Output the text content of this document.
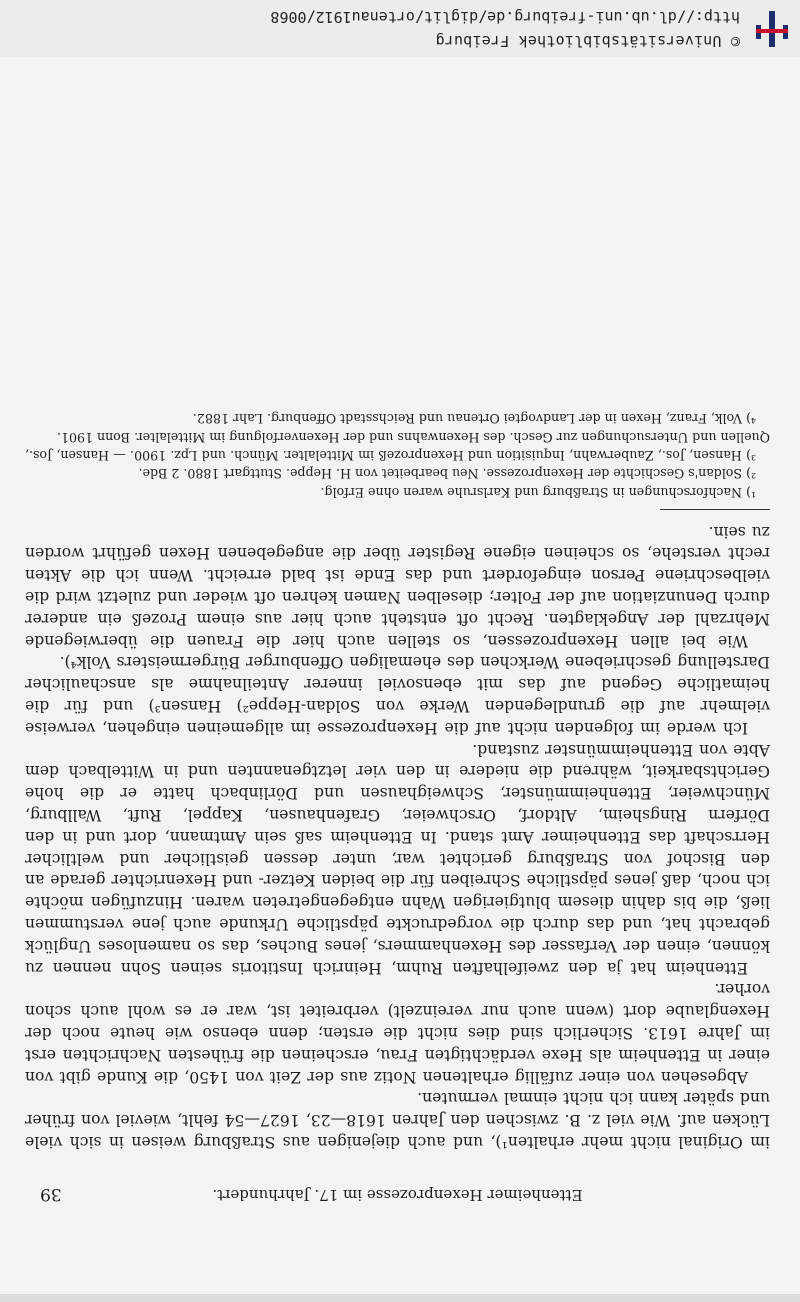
Ettenheimer Hexenprozesse im 17. Jahrhundert.
39

im Original nicht mehr erhalten¹), und auch diejenigen aus Straßburg weisen in sich viele Lücken auf. Wie viel z. B. zwischen den Jahren 1618—23, 1627—54 fehlt, wieviel von früher und später kann ich nicht einmal vermuten.

Abgesehen von einer zufällig erhaltenen Notiz aus der Zeit von 1450, die Kunde gibt von einer in Ettenheim als Hexe verdächtigten Frau, erscheinen die frühesten Nachrichten erst im Jahre 1613. Sicherlich sind dies nicht die ersten; denn ebenso wie heute noch der Hexenglaube dort (wenn auch nur vereinzelt) verbreitet ist, war er es wohl auch schon vorher.

Ettenheim hat ja den zweifelhaften Ruhm, Heinrich Institoris seinen Sohn nennen zu können, einen der Verfasser des Hexenhammers, jenes Buches, das so namenloses Unglück gebracht hat, und das durch die vorgedruckte päpstliche Urkunde auch jene verstummen ließ, die bis dahin diesem blutgierigen Wahn entgegengetreten waren. Hinzufügen möchte ich noch, daß jenes päpstliche Schreiben für die beiden Ketzer- und Hexenrichter gerade an den Bischof von Straßburg gerichtet war, unter dessen geistlicher und weltlicher Herrschaft das Ettenheimer Amt stand. In Ettenheim saß sein Amtmann, dort und in den Dörfern Ringsheim, Altdorf, Orschweier, Grafenhausen, Kappel, Ruft, Wallburg, Münchweier, Ettenheimmünster, Schweighausen und Dörlinbach hatte er die hohe Gerichtsbarkeit, während die niedere in den vier letztgenannten und in Wittelbach dem Abte von Ettenheimmünster zustand.

Ich werde im folgenden nicht auf die Hexenprozesse im allgemeinen eingehen, verweise vielmehr auf die grundlegenden Werke von Soldan-Heppe²) Hansen³) und für die heimatliche Gegend auf das mit ebensoviel innerer Anteilnahme als anschaulicher Darstellung geschriebene Werkchen des ehemaligen Offenburger Bürgermeisters Volk⁴).

Wie bei allen Hexenprozessen, so stellen auch hier die Frauen die überwiegende Mehrzahl der Angeklagten. Recht oft entsteht auch hier aus einem Prozeß ein anderer durch Denunziation auf der Folter; dieselben Namen kehren oft wieder und zuletzt wird die vielbeschriene Person eingefordert und das Ende ist bald erreicht. Wenn ich die Akten recht verstehe, so scheinen eigene Register über die angegebenen Hexen geführt worden zu sein.

¹) Nachforschungen in Straßburg und Karlsruhe waren ohne Erfolg.

²) Soldan's Geschichte der Hexenprozesse. Neu bearbeitet von H. Heppe. Stuttgart 1880. 2 Bde.

³) Hansen, Jos., Zauberwahn, Inquisition und Hexenprozeß im Mittelalter. Münch. und Lpz. 1900. — Hansen, Jos., Quellen und Untersuchungen zur Gesch. des Hexenwahns und der Hexenverfolgung im Mittelalter. Bonn 1901.

⁴) Volk, Franz, Hexen in der Landvogtei Ortenau und Reichsstadt Offenburg. Lahr 1882.

© Universitätsbibliothek Freiburg
http://dl.ub.uni-freiburg.de/diglit/ortenau1912/0068
